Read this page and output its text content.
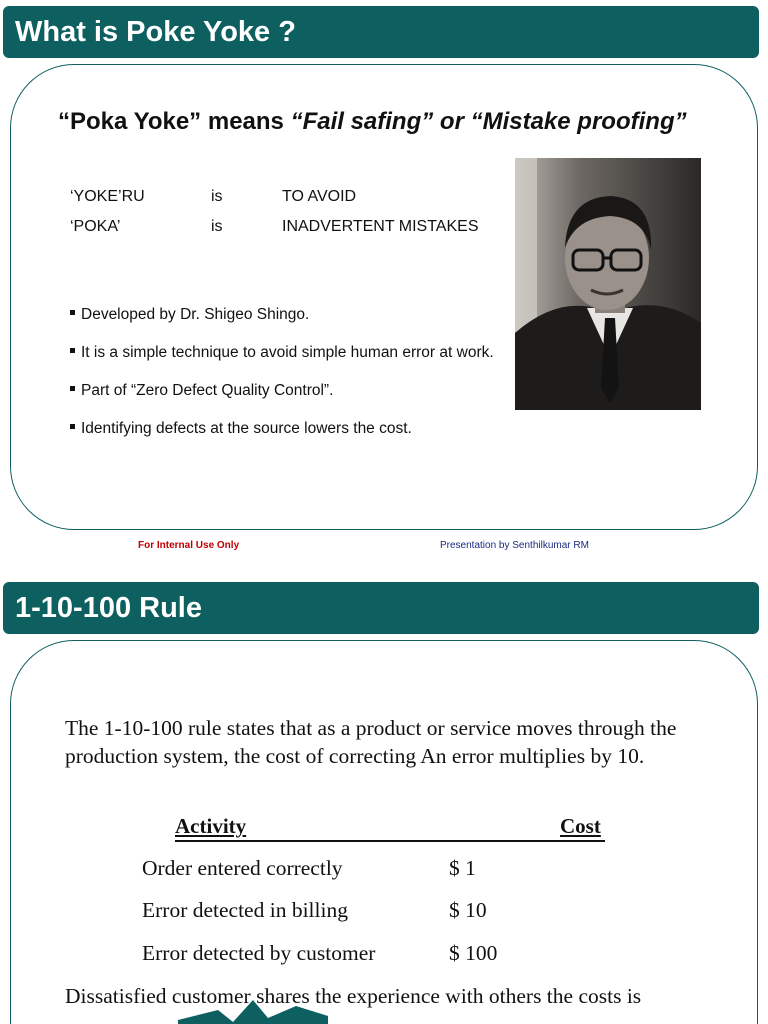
What is Poke Yoke ?
“Poka Yoke” means “Fail safing” or “Mistake proofing”
‘YOKE’RU	is	TO AVOID
‘POKA’	is	INADVERTENT MISTAKES
Developed by Dr. Shigeo Shingo.
It is a simple technique to avoid simple human error at work.
Part of “Zero Defect Quality Control”.
Identifying defects at the source lowers the cost.
For Internal Use Only	Presentation by Senthilkumar RM
1-10-100 Rule
The 1-10-100 rule states that as a product or service moves through the production system, the cost of correcting An error multiplies by 10.
Activity	Cost
Order entered correctly	$ 1
Error detected in billing	$ 10
Error detected by customer	$ 100
Dissatisfied customer shares the experience with others the costs is
